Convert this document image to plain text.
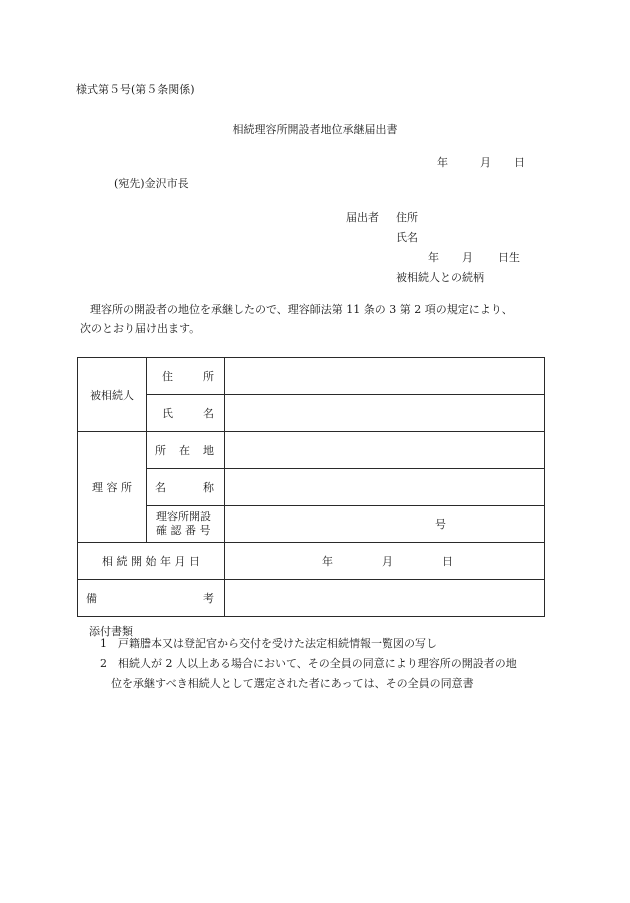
様式第５号(第５条関係)
相続理容所開設者地位承継届出書
年	月 日
(宛先)金沢市長
届出者 住所
氏名
年 月 日生
被相続人との続柄
理容所の開設者の地位を承継したので、理容師法第 11 条の 3 第 2 項の規定により、
次のとおり届け出ます。
被相続人	住 所	

	氏 名	

理 容 所	所 在 地	

	名 称	

	理容所開設
確 認 番 号	号
相 続 開 始 年 月 日		年 月 日

備 考		

添付書類
1　戸籍謄本又は登記官から交付を受けた法定相続情報一覧図の写し
2　相続人が 2 人以上ある場合において、その全員の同意により理容所の開設者の地
位を承継すべき相続人として選定された者にあっては、その全員の同意書
